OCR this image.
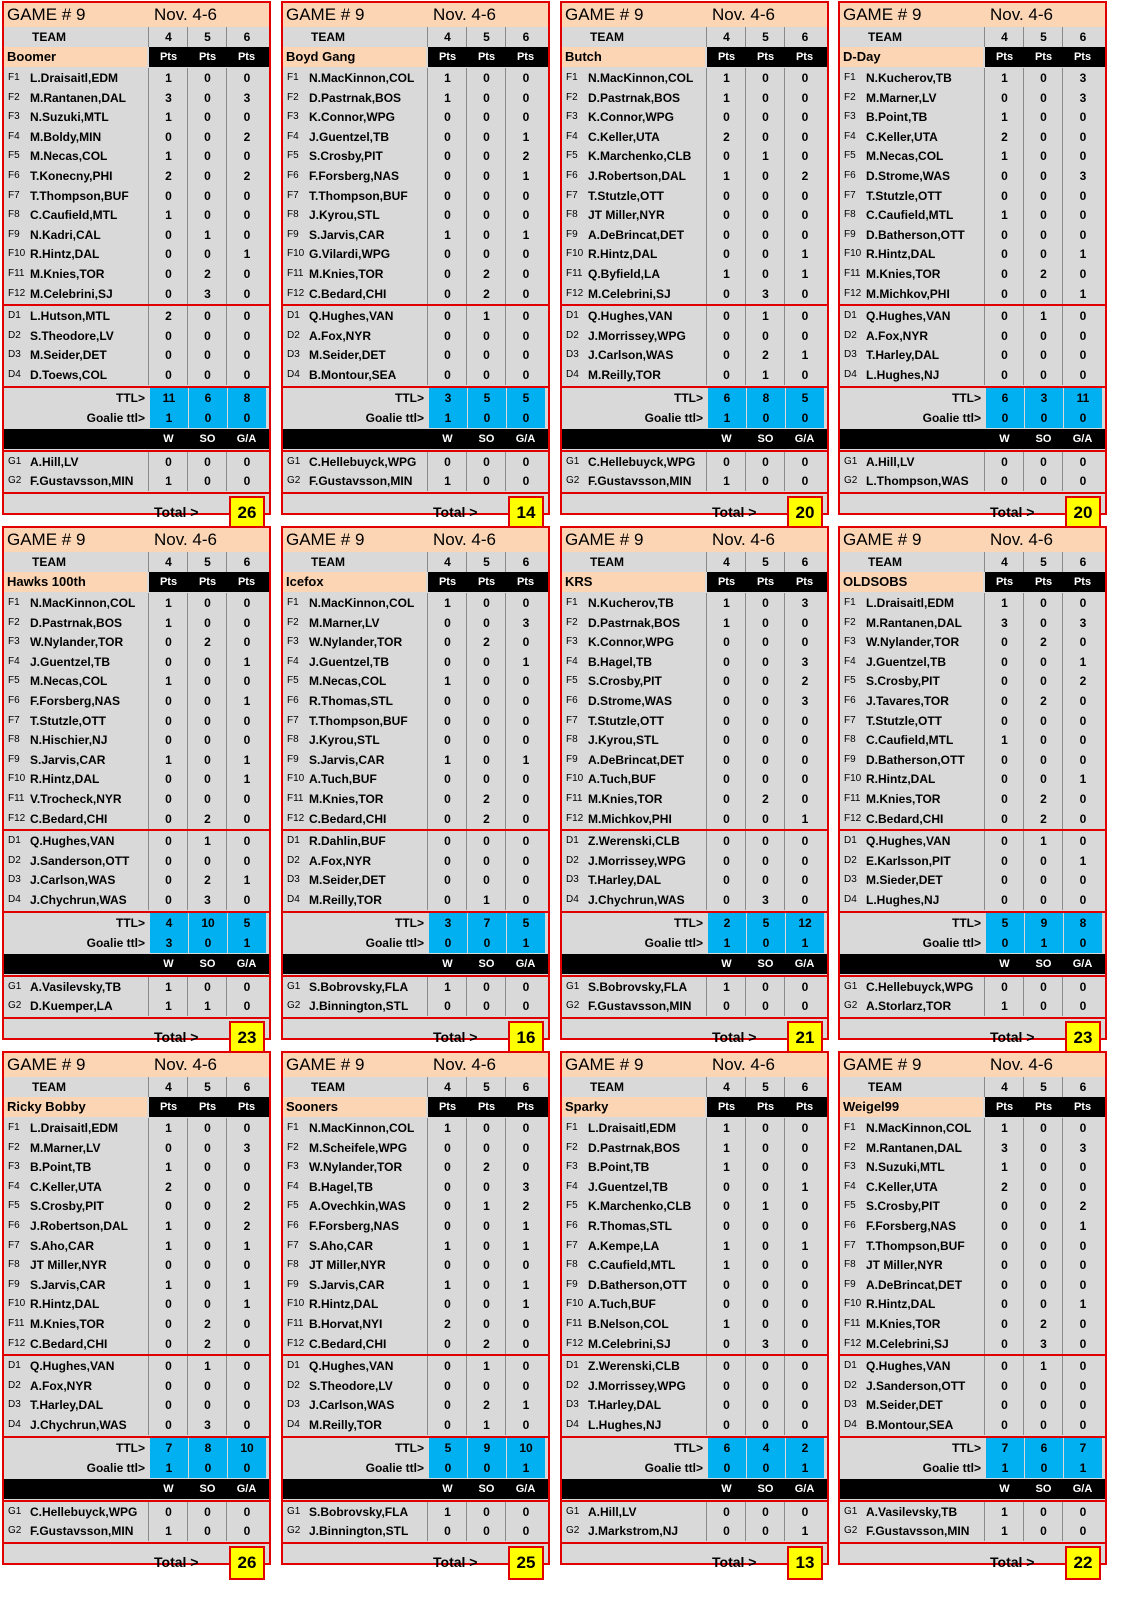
GAME # 9	Nov. 4-6
TEAM	4	5	6
Boomer	Pts	Pts	Pts
F1 L.Draisaitl,EDM	1	0	0
F2 M.Rantanen,DAL	3	0	3
F3 N.Suzuki,MTL	1	0	0
F4 M.Boldy,MIN	0	0	2
F5 M.Necas,COL	1	0	0
F6 T.Konecny,PHI	2	0	2
F7 T.Thompson,BUF	0	0	0
F8 C.Caufield,MTL	1	0	0
F9 N.Kadri,CAL	0	1	0
F10 R.Hintz,DAL	0	0	1
F11 M.Knies,TOR	0	2	0
F12 M.Celebrini,SJ	0	3	0
D1 L.Hutson,MTL	2	0	0
D2 S.Theodore,LV	0	0	0
D3 M.Seider,DET	0	0	0
D4 D.Toews,COL	0	0	0
TTL>	11	6	8
Goalie ttl>	1	0	0
W	SO	G/A
G1 A.Hill,LV	0	0	0
G2 F.Gustavsson,MIN	1	0	0
Total >	26
GAME # 9	Nov. 4-6
TEAM	4	5	6
Boyd Gang	Pts	Pts	Pts
F1 N.MacKinnon,COL	1	0	0
F2 D.Pastrnak,BOS	1	0	0
F3 K.Connor,WPG	0	0	0
F4 J.Guentzel,TB	0	0	1
F5 S.Crosby,PIT	0	0	2
F6 F.Forsberg,NAS	0	0	1
F7 T.Thompson,BUF	0	0	0
F8 J.Kyrou,STL	0	0	0
F9 S.Jarvis,CAR	1	0	1
F10 G.Vilardi,WPG	0	0	0
F11 M.Knies,TOR	0	2	0
F12 C.Bedard,CHI	0	2	0
D1 Q.Hughes,VAN	0	1	0
D2 A.Fox,NYR	0	0	0
D3 M.Seider,DET	0	0	0
D4 B.Montour,SEA	0	0	0
TTL>	3	5	5
Goalie ttl>	1	0	0
W	SO	G/A
G1 C.Hellebuyck,WPG	0	0	0
G2 F.Gustavsson,MIN	1	0	0
Total >	14
GAME # 9	Nov. 4-6
TEAM	4	5	6
Butch	Pts	Pts	Pts
F1 N.MacKinnon,COL	1	0	0
F2 D.Pastrnak,BOS	1	0	0
F3 K.Connor,WPG	0	0	0
F4 C.Keller,UTA	2	0	0
F5 K.Marchenko,CLB	0	1	0
F6 J.Robertson,DAL	1	0	2
F7 T.Stutzle,OTT	0	0	0
F8 JT Miller,NYR	0	0	0
F9 A.DeBrincat,DET	0	0	0
F10 R.Hintz,DAL	0	0	1
F11 Q.Byfield,LA	1	0	1
F12 M.Celebrini,SJ	0	3	0
D1 Q.Hughes,VAN	0	1	0
D2 J.Morrissey,WPG	0	0	0
D3 J.Carlson,WAS	0	2	1
D4 M.Reilly,TOR	0	1	0
TTL>	6	8	5
Goalie ttl>	1	0	0
W	SO	G/A
G1 C.Hellebuyck,WPG	0	0	0
G2 F.Gustavsson,MIN	1	0	0
Total >	20
GAME # 9	Nov. 4-6
TEAM	4	5	6
D-Day	Pts	Pts	Pts
F1 N.Kucherov,TB	1	0	3
F2 M.Marner,LV	0	0	3
F3 B.Point,TB	1	0	0
F4 C.Keller,UTA	2	0	0
F5 M.Necas,COL	1	0	0
F6 D.Strome,WAS	0	0	3
F7 T.Stutzle,OTT	0	0	0
F8 C.Caufield,MTL	1	0	0
F9 D.Batherson,OTT	0	0	0
F10 R.Hintz,DAL	0	0	1
F11 M.Knies,TOR	0	2	0
F12 M.Michkov,PHI	0	0	1
D1 Q.Hughes,VAN	0	1	0
D2 A.Fox,NYR	0	0	0
D3 T.Harley,DAL	0	0	0
D4 L.Hughes,NJ	0	0	0
TTL>	6	3	11
Goalie ttl>	0	0	0
W	SO	G/A
G1 A.Hill,LV	0	0	0
G2 L.Thompson,WAS	0	0	0
Total >	20
GAME # 9	Nov. 4-6
TEAM	4	5	6
Hawks 100th	Pts	Pts	Pts
F1 N.MacKinnon,COL	1	0	0
F2 D.Pastrnak,BOS	1	0	0
F3 W.Nylander,TOR	0	2	0
F4 J.Guentzel,TB	0	0	1
F5 M.Necas,COL	1	0	0
F6 F.Forsberg,NAS	0	0	1
F7 T.Stutzle,OTT	0	0	0
F8 N.Hischier,NJ	0	0	0
F9 S.Jarvis,CAR	1	0	1
F10 R.Hintz,DAL	0	0	1
F11 V.Trocheck,NYR	0	0	0
F12 C.Bedard,CHI	0	2	0
D1 Q.Hughes,VAN	0	1	0
D2 J.Sanderson,OTT	0	0	0
D3 J.Carlson,WAS	0	2	1
D4 J.Chychrun,WAS	0	3	0
TTL>	4	10	5
Goalie ttl>	3	0	1
W	SO	G/A
G1 A.Vasilevsky,TB	1	0	0
G2 D.Kuemper,LA	1	1	0
Total >	23
GAME # 9	Nov. 4-6
TEAM	4	5	6
Icefox	Pts	Pts	Pts
F1 N.MacKinnon,COL	1	0	0
F2 M.Marner,LV	0	0	3
F3 W.Nylander,TOR	0	2	0
F4 J.Guentzel,TB	0	0	1
F5 M.Necas,COL	1	0	0
F6 R.Thomas,STL	0	0	0
F7 T.Thompson,BUF	0	0	0
F8 J.Kyrou,STL	0	0	0
F9 S.Jarvis,CAR	1	0	1
F10 A.Tuch,BUF	0	0	0
F11 M.Knies,TOR	0	2	0
F12 C.Bedard,CHI	0	2	0
D1 R.Dahlin,BUF	0	0	0
D2 A.Fox,NYR	0	0	0
D3 M.Seider,DET	0	0	0
D4 M.Reilly,TOR	0	1	0
TTL>	3	7	5
Goalie ttl>	0	0	1
W	SO	G/A
G1 S.Bobrovsky,FLA	1	0	0
G2 J.Binnington,STL	0	0	0
Total >	16
GAME # 9	Nov. 4-6
TEAM	4	5	6
KRS	Pts	Pts	Pts
F1 N.Kucherov,TB	1	0	3
F2 D.Pastrnak,BOS	1	0	0
F3 K.Connor,WPG	0	0	0
F4 B.Hagel,TB	0	0	3
F5 S.Crosby,PIT	0	0	2
F6 D.Strome,WAS	0	0	3
F7 T.Stutzle,OTT	0	0	0
F8 J.Kyrou,STL	0	0	0
F9 A.DeBrincat,DET	0	0	0
F10 A.Tuch,BUF	0	0	0
F11 M.Knies,TOR	0	2	0
F12 M.Michkov,PHI	0	0	1
D1 Z.Werenski,CLB	0	0	0
D2 J.Morrissey,WPG	0	0	0
D3 T.Harley,DAL	0	0	0
D4 J.Chychrun,WAS	0	3	0
TTL>	2	5	12
Goalie ttl>	1	0	1
W	SO	G/A
G1 S.Bobrovsky,FLA	1	0	0
G2 F.Gustavsson,MIN	0	0	0
Total >	21
GAME # 9	Nov. 4-6
TEAM	4	5	6
OLDSOBS	Pts	Pts	Pts
F1 L.Draisaitl,EDM	1	0	0
F2 M.Rantanen,DAL	3	0	3
F3 W.Nylander,TOR	0	2	0
F4 J.Guentzel,TB	0	0	1
F5 S.Crosby,PIT	0	0	2
F6 J.Tavares,TOR	0	2	0
F7 T.Stutzle,OTT	0	0	0
F8 C.Caufield,MTL	1	0	0
F9 D.Batherson,OTT	0	0	0
F10 R.Hintz,DAL	0	0	1
F11 M.Knies,TOR	0	2	0
F12 C.Bedard,CHI	0	2	0
D1 Q.Hughes,VAN	0	1	0
D2 E.Karlsson,PIT	0	0	1
D3 M.Sieder,DET	0	0	0
D4 L.Hughes,NJ	0	0	0
TTL>	5	9	8
Goalie ttl>	0	1	0
W	SO	G/A
G1 C.Hellebuyck,WPG	0	0	0
G2 A.Storlarz,TOR	1	0	0
Total >	23
GAME # 9	Nov. 4-6
TEAM	4	5	6
Ricky Bobby	Pts	Pts	Pts
F1 L.Draisaitl,EDM	1	0	0
F2 M.Marner,LV	0	0	3
F3 B.Point,TB	1	0	0
F4 C.Keller,UTA	2	0	0
F5 S.Crosby,PIT	0	0	2
F6 J.Robertson,DAL	1	0	2
F7 S.Aho,CAR	1	0	1
F8 JT Miller,NYR	0	0	0
F9 S.Jarvis,CAR	1	0	1
F10 R.Hintz,DAL	0	0	1
F11 M.Knies,TOR	0	2	0
F12 C.Bedard,CHI	0	2	0
D1 Q.Hughes,VAN	0	1	0
D2 A.Fox,NYR	0	0	0
D3 T.Harley,DAL	0	0	0
D4 J.Chychrun,WAS	0	3	0
TTL>	7	8	10
Goalie ttl>	1	0	0
W	SO	G/A
G1 C.Hellebuyck,WPG	0	0	0
G2 F.Gustavsson,MIN	1	0	0
Total >	26
GAME # 9	Nov. 4-6
TEAM	4	5	6
Sooners	Pts	Pts	Pts
F1 N.MacKinnon,COL	1	0	0
F2 M.Scheifele,WPG	0	0	0
F3 W.Nylander,TOR	0	2	0
F4 B.Hagel,TB	0	0	3
F5 A.Ovechkin,WAS	0	1	2
F6 F.Forsberg,NAS	0	0	1
F7 S.Aho,CAR	1	0	1
F8 JT Miller,NYR	0	0	0
F9 S.Jarvis,CAR	1	0	1
F10 R.Hintz,DAL	0	0	1
F11 B.Horvat,NYI	2	0	0
F12 C.Bedard,CHI	0	2	0
D1 Q.Hughes,VAN	0	1	0
D2 S.Theodore,LV	0	0	0
D3 J.Carlson,WAS	0	2	1
D4 M.Reilly,TOR	0	1	0
TTL>	5	9	10
Goalie ttl>	0	0	1
W	SO	G/A
G1 S.Bobrovsky,FLA	1	0	0
G2 J.Binnington,STL	0	0	0
Total >	25
GAME # 9	Nov. 4-6
TEAM	4	5	6
Sparky	Pts	Pts	Pts
F1 L.Draisaitl,EDM	1	0	0
F2 D.Pastrnak,BOS	1	0	0
F3 B.Point,TB	1	0	0
F4 J.Guentzel,TB	0	0	1
F5 K.Marchenko,CLB	0	1	0
F6 R.Thomas,STL	0	0	0
F7 A.Kempe,LA	1	0	1
F8 C.Caufield,MTL	1	0	0
F9 D.Batherson,OTT	0	0	0
F10 A.Tuch,BUF	0	0	0
F11 B.Nelson,COL	1	0	0
F12 M.Celebrini,SJ	0	3	0
D1 Z.Werenski,CLB	0	0	0
D2 J.Morrissey,WPG	0	0	0
D3 T.Harley,DAL	0	0	0
D4 L.Hughes,NJ	0	0	0
TTL>	6	4	2
Goalie ttl>	0	0	1
W	SO	G/A
G1 A.Hill,LV	0	0	0
G2 J.Markstrom,NJ	0	0	1
Total >	13
GAME # 9	Nov. 4-6
TEAM	4	5	6
Weigel99	Pts	Pts	Pts
F1 N.MacKinnon,COL	1	0	0
F2 M.Rantanen,DAL	3	0	3
F3 N.Suzuki,MTL	1	0	0
F4 C.Keller,UTA	2	0	0
F5 S.Crosby,PIT	0	0	2
F6 F.Forsberg,NAS	0	0	1
F7 T.Thompson,BUF	0	0	0
F8 JT Miller,NYR	0	0	0
F9 A.DeBrincat,DET	0	0	0
F10 R.Hintz,DAL	0	0	1
F11 M.Knies,TOR	0	2	0
F12 M.Celebrini,SJ	0	3	0
D1 Q.Hughes,VAN	0	1	0
D2 J.Sanderson,OTT	0	0	0
D3 M.Seider,DET	0	0	0
D4 B.Montour,SEA	0	0	0
TTL>	7	6	7
Goalie ttl>	1	0	1
W	SO	G/A
G1 A.Vasilevsky,TB	1	0	0
G2 F.Gustavsson,MIN	1	0	0
Total >	22
